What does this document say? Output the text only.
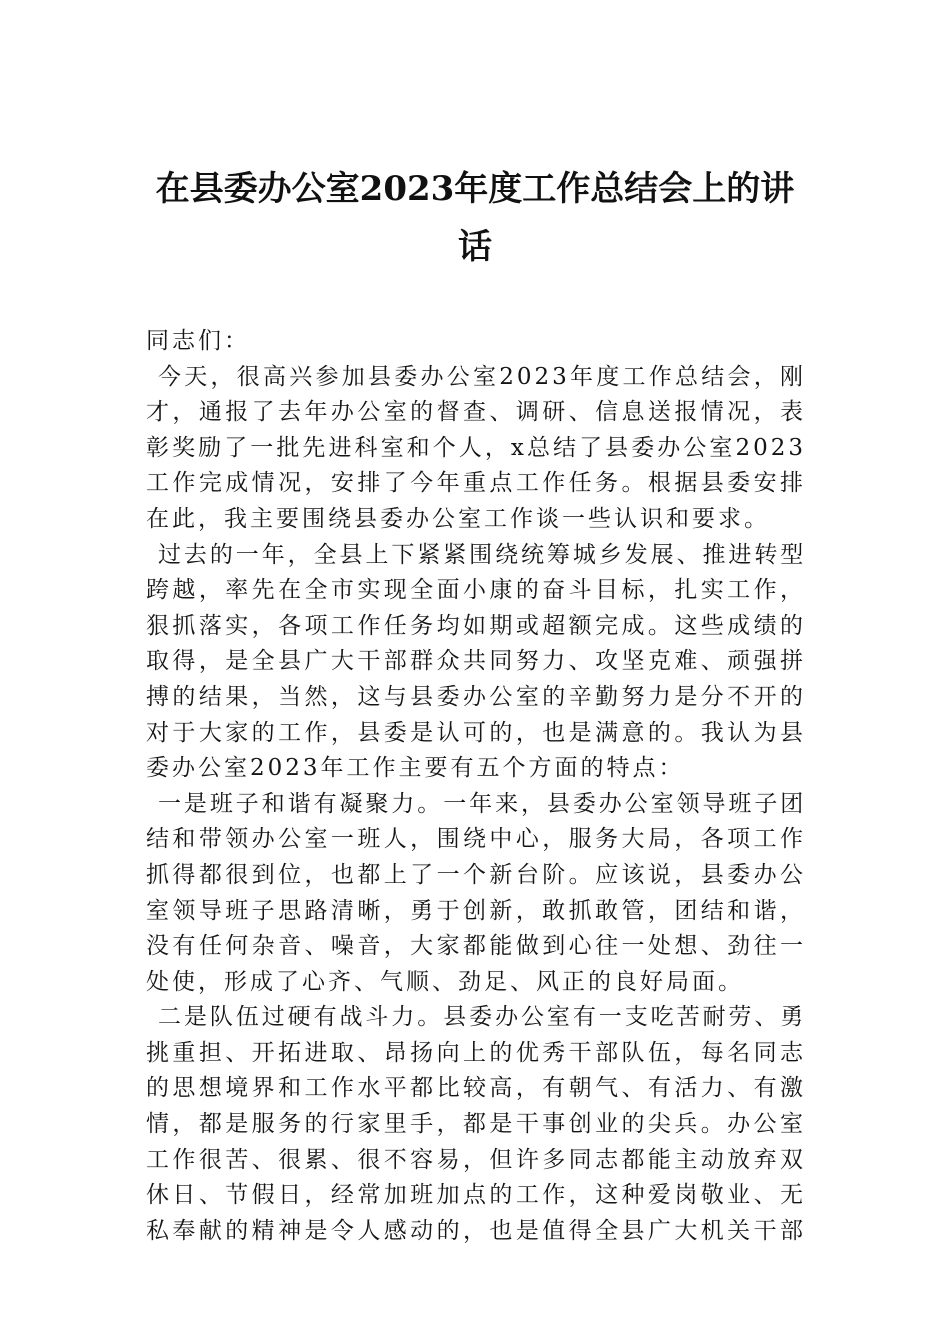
在县委办公室2023年度工作总结会上的讲
话
同志们：
今天，很高兴参加县委办公室2023年度工作总结会，刚
才，通报了去年办公室的督查、调研、信息送报情况，表
彰奖励了一批先进科室和个人，x总结了县委办公室2023
工作完成情况，安排了今年重点工作任务。根据县委安排
在此，我主要围绕县委办公室工作谈一些认识和要求。
过去的一年，全县上下紧紧围绕统筹城乡发展、推进转型
跨越，率先在全市实现全面小康的奋斗目标，扎实工作，
狠抓落实，各项工作任务均如期或超额完成。这些成绩的
取得，是全县广大干部群众共同努力、攻坚克难、顽强拼
搏的结果，当然，这与县委办公室的辛勤努力是分不开的
对于大家的工作，县委是认可的，也是满意的。我认为县
委办公室2023年工作主要有五个方面的特点：
一是班子和谐有凝聚力。一年来，县委办公室领导班子团
结和带领办公室一班人，围绕中心，服务大局，各项工作
抓得都很到位，也都上了一个新台阶。应该说，县委办公
室领导班子思路清晰，勇于创新，敢抓敢管，团结和谐，
没有任何杂音、噪音，大家都能做到心往一处想、劲往一
处使，形成了心齐、气顺、劲足、风正的良好局面。
二是队伍过硬有战斗力。县委办公室有一支吃苦耐劳、勇
挑重担、开拓进取、昂扬向上的优秀干部队伍，每名同志
的思想境界和工作水平都比较高，有朝气、有活力、有激
情，都是服务的行家里手，都是干事创业的尖兵。办公室
工作很苦、很累、很不容易，但许多同志都能主动放弃双
休日、节假日，经常加班加点的工作，这种爱岗敬业、无
私奉献的精神是令人感动的，也是值得全县广大机关干部
